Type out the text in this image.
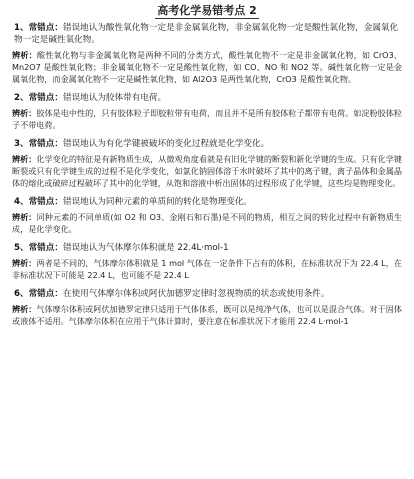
高考化学易错考点 2

1、常错点：错误地认为酸性氧化物一定是非金属氧化物，非金属氧化物一定是酸性氧化物，金属氧化物一定是碱性氧化物。

辨析：酸性氧化物与非金属氧化物是两种不同的分类方式，酸性氧化物不一定是非金属氧化物，如 CrO3、Mn2O7 是酸性氧化物；非金属氧化物不一定是酸性氧化物，如 CO、NO 和 NO2 等。碱性氧化物一定是金属氧化物，而金属氧化物不一定是碱性氧化物，如 Al2O3 是两性氧化物，CrO3 是酸性氧化物。

2、常错点：错误地认为胶体带有电荷。

辨析：胶体是电中性的，只有胶体粒子即胶粒带有电荷，而且并不是所有胶体粒子都带有电荷。如淀粉胶体粒子不带电荷。

3、常错点：错误地认为有化学键被破坏的变化过程就是化学变化。

辨析：化学变化的特征是有新物质生成，从微观角度看就是有旧化学键的断裂和新化学键的生成。只有化学键断裂或只有化学键生成的过程不是化学变化，如氯化钠固体溶于水时破坏了其中的离子键，离子晶体和金属晶体的熔化或破碎过程破坏了其中的化学键，从饱和溶液中析出固体的过程形成了化学键，这些均是物理变化。

4、常错点：错误地认为同种元素的单质间的转化是物理变化。

辨析：同种元素的不同单质(如 O2 和 O3、金刚石和石墨)是不同的物质，相互之间的转化过程中有新物质生成，是化学变化。

5、常错点：错误地认为气体摩尔体积就是 22.4L·mol-1

辨析：两者是不同的，气体摩尔体积就是 1 mol 气体在一定条件下占有的体积，在标准状况下为 22.4 L，在非标准状况下可能是 22.4 L，也可能不是 22.4 L

6、常错点：在使用气体摩尔体积或阿伏加德罗定律时忽视物质的状态或使用条件。

辨析：气体摩尔体积或阿伏加德罗定律只适用于气体体系，既可以是纯净气体，也可以是混合气体。对于固体或液体不适用。气体摩尔体积在应用于气体计算时，要注意在标准状况下才能用 22.4 L·mol-1
